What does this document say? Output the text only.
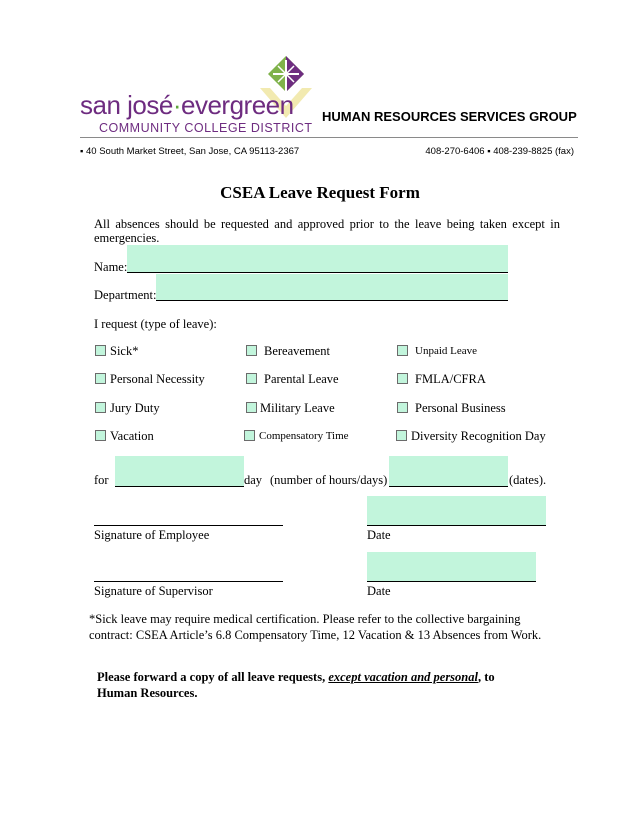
san josé·evergreen
COMMUNITY COLLEGE DISTRICT
HUMAN RESOURCES SERVICES GROUP
▪ 40 South Market Street, San Jose, CA 95113-2367	408-270-6406 ▪ 408-239-8825 (fax)
CSEA Leave Request Form
All absences should be requested and approved prior to the leave being taken except in emergencies.
Name:
Department:
I request (type of leave):
Sick*	Bereavement	Unpaid Leave
Personal Necessity	Parental Leave	FMLA/CFRA
Jury Duty	Military Leave	Personal Business
Vacation	Compensatory Time	Diversity Recognition Day
for	day (number of hours/days)	(dates).
Signature of Employee	Date
Signature of Supervisor	Date
*Sick leave may require medical certification. Please refer to the collective bargaining
contract: CSEA Article’s 6.8 Compensatory Time, 12 Vacation & 13 Absences from Work.
Please forward a copy of all leave requests, except vacation and personal, to
Human Resources.
